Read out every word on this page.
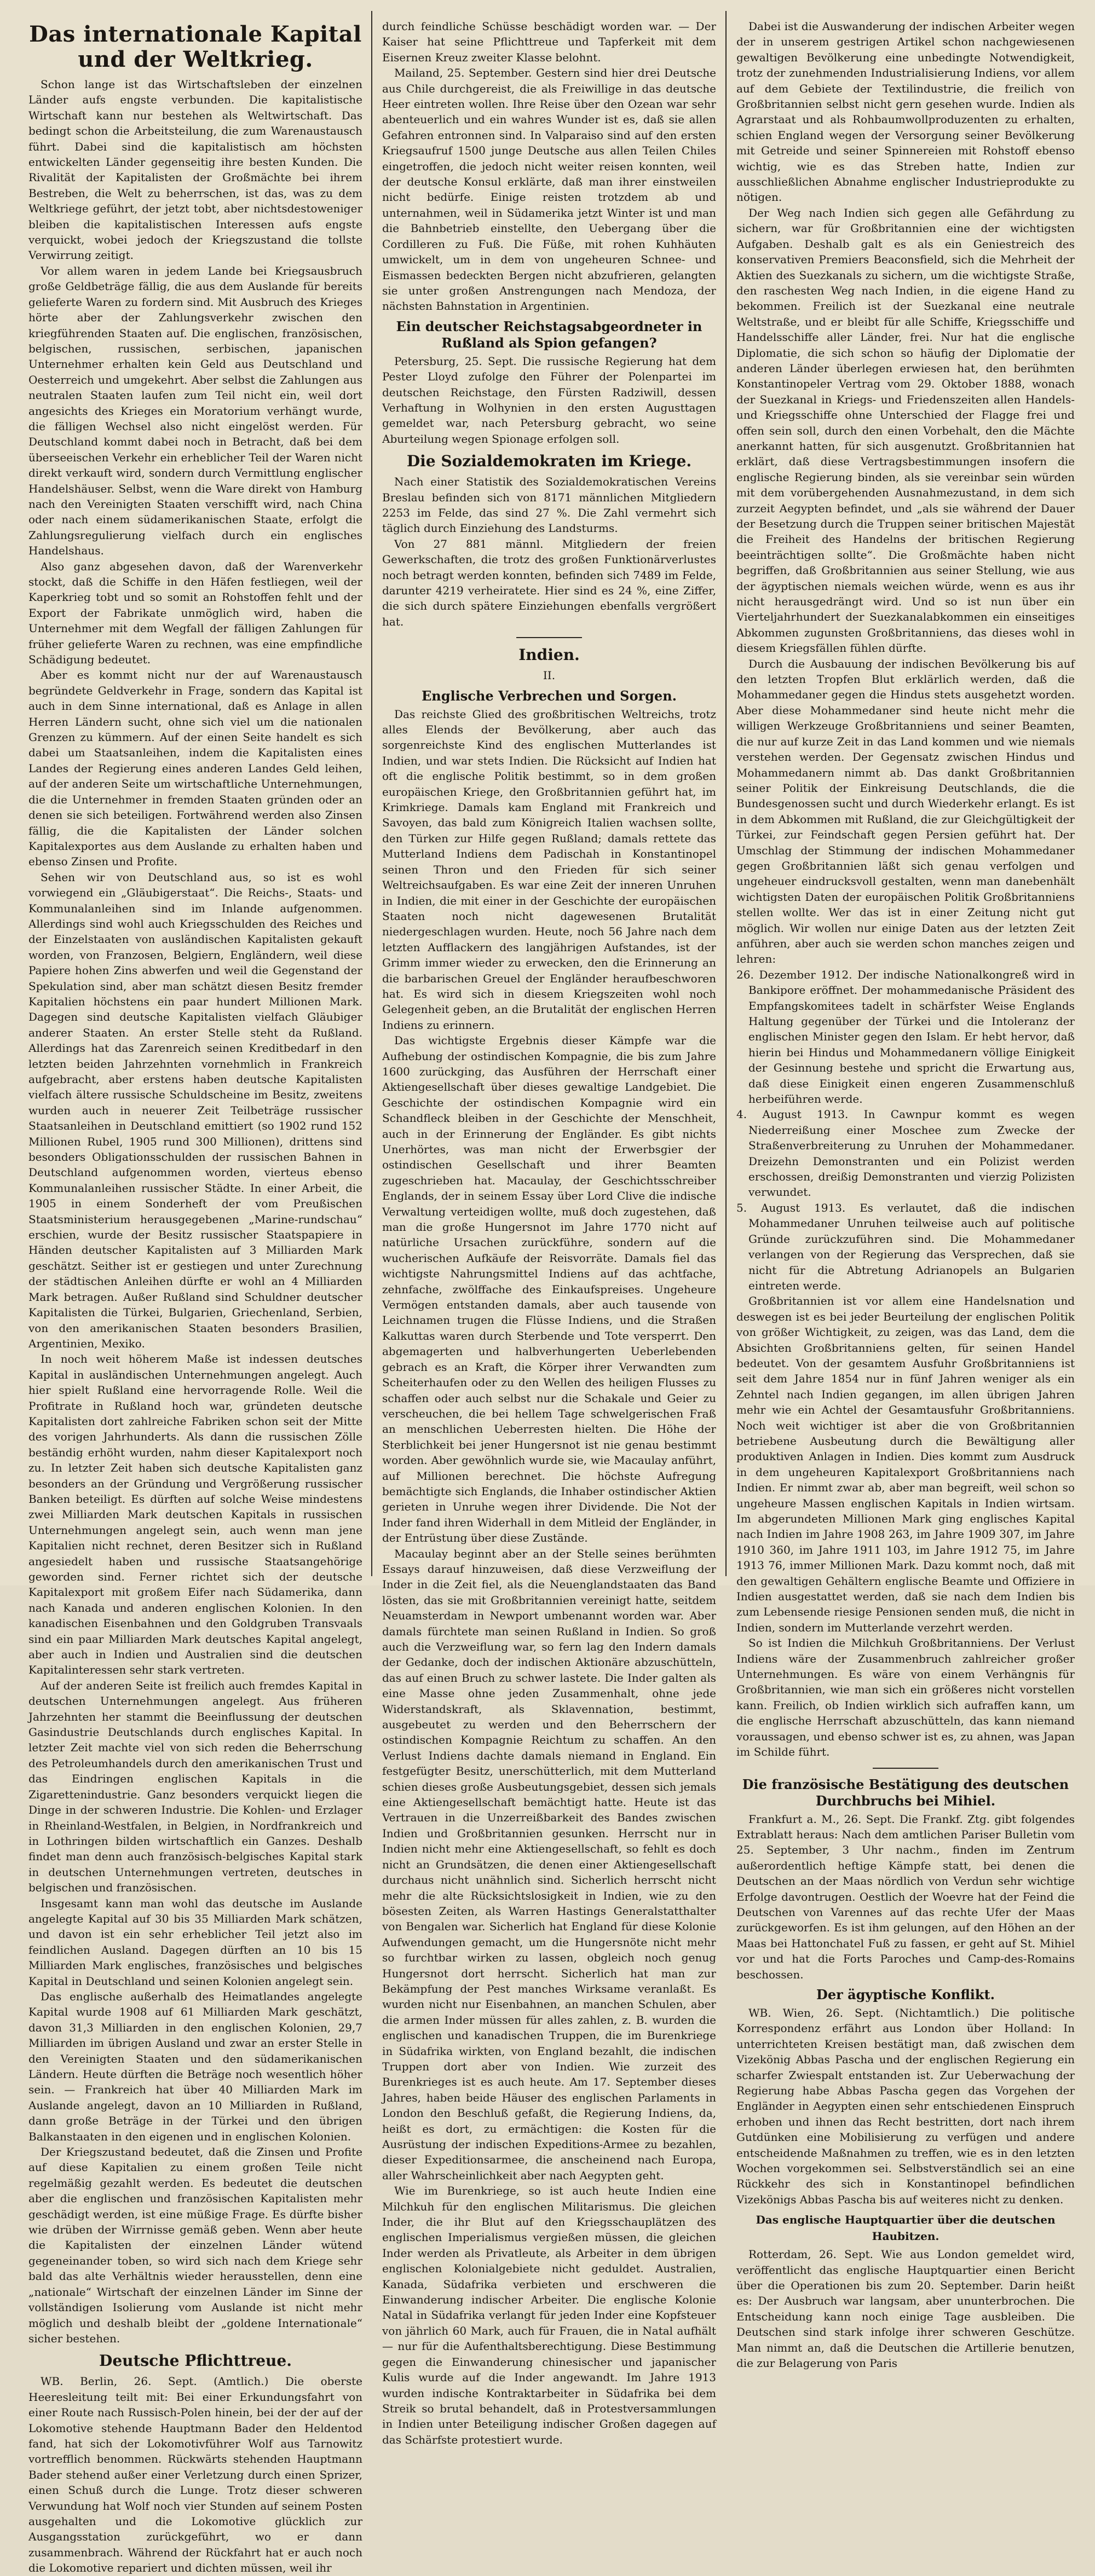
Das internationale Kapital und der Weltkrieg.

Schon lange ist das Wirtschaftsleben der einzelnen Länder aufs engste verbunden. Die kapitalistische Wirtschaft kann nur bestehen als Weltwirtschaft. Das bedingt schon die Arbeitsteilung, die zum Warenaustausch führt. Dabei sind die kapitalistisch am höchsten entwickelten Länder gegenseitig ihre besten Kunden. Die Rivalität der Kapitalisten der Großmächte bei ihrem Bestreben, die Welt zu beherrschen, ist das, was zu dem Weltkriege geführt, der jetzt tobt, aber nichtsdestoweniger bleiben die kapitalistischen Interessen aufs engste verquickt, wobei jedoch der Kriegszustand die tollste Verwirrung zeitigt.

Vor allem waren in jedem Lande bei Kriegsausbruch große Geldbeträge fällig, die aus dem Auslande für bereits gelieferte Waren zu fordern sind. Mit Ausbruch des Krieges hörte aber der Zahlungsverkehr zwischen den kriegführenden Staaten auf. Die englischen, französischen, belgischen, russischen, serbischen, japanischen Unternehmer erhalten kein Geld aus Deutschland und Oesterreich und umgekehrt. Aber selbst die Zahlungen aus neutralen Staaten laufen zum Teil nicht ein, weil dort angesichts des Krieges ein Moratorium verhängt wurde, die fälligen Wechsel also nicht eingelöst werden. Für Deutschland kommt dabei noch in Betracht, daß bei dem überseeischen Verkehr ein erheblicher Teil der Waren nicht direkt verkauft wird, sondern durch Vermittlung englischer Handelshäuser. Selbst, wenn die Ware direkt von Hamburg nach den Vereinigten Staaten verschifft wird, nach China oder nach einem südamerikanischen Staate, erfolgt die Zahlungsregulierung vielfach durch ein englisches Handelshaus.

Also ganz abgesehen davon, daß der Warenverkehr stockt, daß die Schiffe in den Häfen festliegen, weil der Kaperkrieg tobt und so somit an Rohstoffen fehlt und der Export der Fabrikate unmöglich wird, haben die Unternehmer mit dem Wegfall der fälligen Zahlungen für früher gelieferte Waren zu rechnen, was eine empfindliche Schädigung bedeutet.

Aber es kommt nicht nur der auf Warenaustausch begründete Geldverkehr in Frage, sondern das Kapital ist auch in dem Sinne international, daß es Anlage in allen Herren Ländern sucht, ohne sich viel um die nationalen Grenzen zu kümmern. Auf der einen Seite handelt es sich dabei um Staatsanleihen, indem die Kapitalisten eines Landes der Regierung eines anderen Landes Geld leihen, auf der anderen Seite um wirtschaftliche Unternehmungen, die die Unternehmer in fremden Staaten gründen oder an denen sie sich beteiligen. Fortwährend werden also Zinsen fällig, die die Kapitalisten der Länder solchen Kapitalexportes aus dem Auslande zu erhalten haben und ebenso Zinsen und Profite.

Sehen wir von Deutschland aus, so ist es wohl vorwiegend ein „Gläubigerstaat“. Die Reichs-, Staats- und Kommunalanleihen sind im Inlande aufgenommen. Allerdings sind wohl auch Kriegsschulden des Reiches und der Einzelstaaten von ausländischen Kapitalisten gekauft worden, von Franzosen, Belgiern, Engländern, weil diese Papiere hohen Zins abwerfen und weil die Gegenstand der Spekulation sind, aber man schätzt diesen Besitz fremder Kapitalien höchstens ein paar hundert Millionen Mark. Dagegen sind deutsche Kapitalisten vielfach Gläubiger anderer Staaten. An erster Stelle steht da Rußland. Allerdings hat das Zarenreich seinen Kreditbedarf in den letzten beiden Jahrzehnten vornehmlich in Frankreich aufgebracht, aber erstens haben deutsche Kapitalisten vielfach ältere russische Schuldscheine im Besitz, zweitens wurden auch in neuerer Zeit Teilbeträge russischer Staatsanleihen in Deutschland emittiert (so 1902 rund 152 Millionen Rubel, 1905 rund 300 Millionen), drittens sind besonders Obligationsschulden der russischen Bahnen in Deutschland aufgenommen worden, vierteus ebenso Kommunalanleihen russischer Städte. In einer Arbeit, die 1905 in einem Sonderheft der vom Preußischen Staatsministerium herausgegebenen „Marine-rundschau“ erschien, wurde der Besitz russischer Staatspapiere in Händen deutscher Kapitalisten auf 3 Milliarden Mark geschätzt. Seither ist er gestiegen und unter Zurechnung der städtischen Anleihen dürfte er wohl an 4 Milliarden Mark betragen. Außer Rußland sind Schuldner deutscher Kapitalisten die Türkei, Bulgarien, Griechenland, Serbien, von den amerikanischen Staaten besonders Brasilien, Argentinien, Mexiko.

In noch weit höherem Maße ist indessen deutsches Kapital in ausländischen Unternehmungen angelegt. Auch hier spielt Rußland eine hervorragende Rolle. Weil die Profitrate in Rußland hoch war, gründeten deutsche Kapitalisten dort zahlreiche Fabriken schon seit der Mitte des vorigen Jahrhunderts. Als dann die russischen Zölle beständig erhöht wurden, nahm dieser Kapitalexport noch zu. In letzter Zeit haben sich deutsche Kapitalisten ganz besonders an der Gründung und Vergrößerung russischer Banken beteiligt. Es dürften auf solche Weise mindestens zwei Milliarden Mark deutschen Kapitals in russischen Unternehmungen angelegt sein, auch wenn man jene Kapitalien nicht rechnet, deren Besitzer sich in Rußland angesiedelt haben und russische Staatsangehörige geworden sind. Ferner richtet sich der deutsche Kapitalexport mit großem Eifer nach Südamerika, dann nach Kanada und anderen englischen Kolonien. In den kanadischen Eisenbahnen und den Goldgruben Transvaals sind ein paar Milliarden Mark deutsches Kapital angelegt, aber auch in Indien und Australien sind die deutschen Kapitalinteressen sehr stark vertreten.

Auf der anderen Seite ist freilich auch fremdes Kapital in deutschen Unternehmungen angelegt. Aus früheren Jahrzehnten her stammt die Beeinflussung der deutschen Gasindustrie Deutschlands durch englisches Kapital. In letzter Zeit machte viel von sich reden die Beherrschung des Petroleumhandels durch den amerikanischen Trust und das Eindringen englischen Kapitals in die Zigarettenindustrie. Ganz besonders verquickt liegen die Dinge in der schweren Industrie. Die Kohlen- und Erzlager in Rheinland-Westfalen, in Belgien, in Nordfrankreich und in Lothringen bilden wirtschaftlich ein Ganzes. Deshalb findet man denn auch französisch-belgisches Kapital stark in deutschen Unternehmungen vertreten, deutsches in belgischen und französischen.

Insgesamt kann man wohl das deutsche im Auslande angelegte Kapital auf 30 bis 35 Milliarden Mark schätzen, und davon ist ein sehr erheblicher Teil jetzt also im feindlichen Ausland. Dagegen dürften an 10 bis 15 Milliarden Mark englisches, französisches und belgisches Kapital in Deutschland und seinen Kolonien angelegt sein.

Das englische außerhalb des Heimatlandes angelegte Kapital wurde 1908 auf 61 Milliarden Mark geschätzt, davon 31,3 Milliarden in den englischen Kolonien, 29,7 Milliarden im übrigen Ausland und zwar an erster Stelle in den Vereinigten Staaten und den südamerikanischen Ländern. Heute dürften die Beträge noch wesentlich höher sein. — Frankreich hat über 40 Milliarden Mark im Auslande angelegt, davon an 10 Milliarden in Rußland, dann große Beträge in der Türkei und den übrigen Balkanstaaten in den eigenen und in englischen Kolonien.

Der Kriegszustand bedeutet, daß die Zinsen und Profite auf diese Kapitalien zu einem großen Teile nicht regelmäßig gezahlt werden. Es bedeutet die deutschen aber die englischen und französischen Kapitalisten mehr geschädigt werden, ist eine müßige Frage. Es dürfte bisher wie drüben der Wirrnisse gemäß geben. Wenn aber heute die Kapitalisten der einzelnen Länder wütend gegeneinander toben, so wird sich nach dem Kriege sehr bald das alte Verhältnis wieder herausstellen, denn eine „nationale“ Wirtschaft der einzelnen Länder im Sinne der vollständigen Isolierung vom Auslande ist nicht mehr möglich und deshalb bleibt der „goldene Internationale“ sicher bestehen.

Deutsche Pflichttreue.

WB. Berlin, 26. Sept. (Amtlich.) Die oberste Heeresleitung teilt mit: Bei einer Erkundungsfahrt von einer Route nach Russisch-Polen hinein, bei der der auf der Lokomotive stehende Hauptmann Bader den Heldentod fand, hat sich der Lokomotivführer Wolf aus Tarnowitz vortrefflich benommen. Rückwärts stehenden Hauptmann Bader stehend außer einer Verletzung durch einen Sprizer, einen Schuß durch die Lunge. Trotz dieser schweren Verwundung hat Wolf noch vier Stunden auf seinem Posten ausgehalten und die Lokomotive glücklich zur Ausgangsstation zurückgeführt, wo er dann zusammenbrach. Während der Rückfahrt hat er auch noch die Lokomotive repariert und dichten müssen, weil ihr

durch feindliche Schüsse beschädigt worden war. — Der Kaiser hat seine Pflichttreue und Tapferkeit mit dem Eisernen Kreuz zweiter Klasse belohnt.

Mailand, 25. September. Gestern sind hier drei Deutsche aus Chile durchgereist, die als Freiwillige in das deutsche Heer eintreten wollen. Ihre Reise über den Ozean war sehr abenteuerlich und ein wahres Wunder ist es, daß sie allen Gefahren entronnen sind. In Valparaiso sind auf den ersten Kriegsaufruf 1500 junge Deutsche aus allen Teilen Chiles eingetroffen, die jedoch nicht weiter reisen konnten, weil der deutsche Konsul erklärte, daß man ihrer einstweilen nicht bedürfe. Einige reisten trotzdem ab und unternahmen, weil in Südamerika jetzt Winter ist und man die Bahnbetrieb einstellte, den Uebergang über die Cordilleren zu Fuß. Die Füße, mit rohen Kuhhäuten umwickelt, um in dem von ungeheuren Schnee- und Eismassen bedeckten Bergen nicht abzufrieren, gelangten sie unter großen Anstrengungen nach Mendoza, der nächsten Bahnstation in Argentinien.

Ein deutscher Reichstagsabgeordneter in Rußland als Spion gefangen?

Petersburg, 25. Sept. Die russische Regierung hat dem Pester Lloyd zufolge den Führer der Polenpartei im deutschen Reichstage, den Fürsten Radziwill, dessen Verhaftung in Wolhynien in den ersten Augusttagen gemeldet war, nach Petersburg gebracht, wo seine Aburteilung wegen Spionage erfolgen soll.

Die Sozialdemokraten im Kriege.

Nach einer Statistik des Sozialdemokratischen Vereins Breslau befinden sich von 8171 männlichen Mitgliedern 2253 im Felde, das sind 27 %. Die Zahl vermehrt sich täglich durch Einziehung des Landsturms.

Von 27 881 männl. Mitgliedern der freien Gewerkschaften, die trotz des großen Funktionärverlustes noch betragt werden konnten, befinden sich 7489 im Felde, darunter 4219 verheiratete. Hier sind es 24 %, eine Ziffer, die sich durch spätere Einziehungen ebenfalls vergrößert hat.

Indien.
II.
Englische Verbrechen und Sorgen.

Das reichste Glied des großbritischen Weltreichs, trotz alles Elends der Bevölkerung, aber auch das sorgenreichste Kind des englischen Mutterlandes ist Indien, und war stets Indien. Die Rücksicht auf Indien hat oft die englische Politik bestimmt, so in dem großen europäischen Kriege, den Großbritannien geführt hat, im Krimkriege. Damals kam England mit Frankreich und Savoyen, das bald zum Königreich Italien wachsen sollte, den Türken zur Hilfe gegen Rußland; damals rettete das Mutterland Indiens dem Padischah in Konstantinopel seinen Thron und den Frieden für sich seiner Weltreichsaufgaben. Es war eine Zeit der inneren Unruhen in Indien, die mit einer in der Geschichte der europäischen Staaten noch nicht dagewesenen Brutalität niedergeschlagen wurden. Heute, noch 56 Jahre nach dem letzten Aufflackern des langjährigen Aufstandes, ist der Grimm immer wieder zu erwecken, den die Erinnerung an die barbarischen Greuel der Engländer heraufbeschworen hat. Es wird sich in diesem Kriegszeiten wohl noch Gelegenheit geben, an die Brutalität der englischen Herren Indiens zu erinnern.

Das wichtigste Ergebnis dieser Kämpfe war die Aufhebung der ostindischen Kompagnie, die bis zum Jahre 1600 zurückging, das Ausführen der Herrschaft einer Aktiengesellschaft über dieses gewaltige Landgebiet. Die Geschichte der ostindischen Kompagnie wird ein Schandfleck bleiben in der Geschichte der Menschheit, auch in der Erinnerung der Engländer. Es gibt nichts Unerhörtes, was man nicht der Erwerbsgier der ostindischen Gesellschaft und ihrer Beamten zugeschrieben hat. Macaulay, der Geschichtsschreiber Englands, der in seinem Essay über Lord Clive die indische Verwaltung verteidigen wollte, muß doch zugestehen, daß man die große Hungersnot im Jahre 1770 nicht auf natürliche Ursachen zurückführe, sondern auf die wucherischen Aufkäufe der Reisvorräte. Damals fiel das wichtigste Nahrungsmittel Indiens auf das achtfache, zehnfache, zwölffache des Einkaufspreises. Ungeheure Vermögen entstanden damals, aber auch tausende von Leichnamen trugen die Flüsse Indiens, und die Straßen Kalkuttas waren durch Sterbende und Tote versperrt. Den abgemagerten und halbverhungerten Ueberlebenden gebrach es an Kraft, die Körper ihrer Verwandten zum Scheiterhaufen oder zu den Wellen des heiligen Flusses zu schaffen oder auch selbst nur die Schakale und Geier zu verscheuchen, die bei hellem Tage schwelgerischen Fraß an menschlichen Ueberresten hielten. Die Höhe der Sterblichkeit bei jener Hungersnot ist nie genau bestimmt worden. Aber gewöhnlich wurde sie, wie Macaulay anführt, auf Millionen berechnet. Die höchste Aufregung bemächtigte sich Englands, die Inhaber ostindischer Aktien gerieten in Unruhe wegen ihrer Dividende. Die Not der Inder fand ihren Widerhall in dem Mitleid der Engländer, in der Entrüstung über diese Zustände.

Macaulay beginnt aber an der Stelle seines berühmten Essays darauf hinzuweisen, daß diese Verzweiflung der Inder in die Zeit fiel, als die Neuenglandstaaten das Band lösten, das sie mit Großbritannien vereinigt hatte, seitdem Neuamsterdam in Newport umbenannt worden war. Aber damals fürchtete man seinen Rußland in Indien. So groß auch die Verzweiflung war, so fern lag den Indern damals der Gedanke, doch der indischen Aktionäre abzuschütteln, das auf einen Bruch zu schwer lastete. Die Inder galten als eine Masse ohne jeden Zusammenhalt, ohne jede Widerstandskraft, als Sklavennation, bestimmt, ausgebeutet zu werden und den Beherrschern der ostindischen Kompagnie Reichtum zu schaffen. An den Verlust Indiens dachte damals niemand in England. Ein festgefügter Besitz, unerschütterlich, mit dem Mutterland schien dieses große Ausbeutungsgebiet, dessen sich jemals eine Aktiengesellschaft bemächtigt hatte. Heute ist das Vertrauen in die Unzerreißbarkeit des Bandes zwischen Indien und Großbritannien gesunken. Herrscht nur in Indien nicht mehr eine Aktiengesellschaft, so fehlt es doch nicht an Grundsätzen, die denen einer Aktiengesellschaft durchaus nicht unähnlich sind. Sicherlich herrscht nicht mehr die alte Rücksichtslosigkeit in Indien, wie zu den bösesten Zeiten, als Warren Hastings Generalstatthalter von Bengalen war. Sicherlich hat England für diese Kolonie Aufwendungen gemacht, um die Hungersnöte nicht mehr so furchtbar wirken zu lassen, obgleich noch genug Hungersnot dort herrscht. Sicherlich hat man zur Bekämpfung der Pest manches Wirksame veranlaßt. Es wurden nicht nur Eisenbahnen, an manchen Schulen, aber die armen Inder müssen für alles zahlen, z. B. wurden die englischen und kanadischen Truppen, die im Burenkriege in Südafrika wirkten, von England bezahlt, die indischen Truppen dort aber von Indien. Wie zurzeit des Burenkrieges ist es auch heute. Am 17. September dieses Jahres, haben beide Häuser des englischen Parlaments in London den Beschluß gefaßt, die Regierung Indiens, da, heißt es dort, zu ermächtigen: die Kosten für die Ausrüstung der indischen Expeditions-Armee zu bezahlen, dieser Expeditionsarmee, die anscheinend nach Europa, aller Wahrscheinlichkeit aber nach Aegypten geht.

Wie im Burenkriege, so ist auch heute Indien eine Milchkuh für den englischen Militarismus. Die gleichen Inder, die ihr Blut auf den Kriegsschauplätzen des englischen Imperialismus vergießen müssen, die gleichen Inder werden als Privatleute, als Arbeiter in dem übrigen englischen Kolonialgebiete nicht geduldet. Australien, Kanada, Südafrika verbieten und erschweren die Einwanderung indischer Arbeiter. Die englische Kolonie Natal in Südafrika verlangt für jeden Inder eine Kopfsteuer von jährlich 60 Mark, auch für Frauen, die in Natal aufhält — nur für die Aufenthaltsberechtigung. Diese Bestimmung gegen die Einwanderung chinesischer und japanischer Kulis wurde auf die Inder angewandt. Im Jahre 1913 wurden indische Kontraktarbeiter in Südafrika bei dem Streik so brutal behandelt, daß in Protestversammlungen in Indien unter Beteiligung indischer Großen dagegen auf das Schärfste protestiert wurde.

Dabei ist die Auswanderung der indischen Arbeiter wegen der in unserem gestrigen Artikel schon nachgewiesenen gewaltigen Bevölkerung eine unbedingte Notwendigkeit, trotz der zunehmenden Industrialisierung Indiens, vor allem auf dem Gebiete der Textilindustrie, die freilich von Großbritannien selbst nicht gern gesehen wurde. Indien als Agrarstaat und als Rohbaumwollproduzenten zu erhalten, schien England wegen der Versorgung seiner Bevölkerung mit Getreide und seiner Spinnereien mit Rohstoff ebenso wichtig, wie es das Streben hatte, Indien zur ausschließlichen Abnahme englischer Industrieprodukte zu nötigen.

Der Weg nach Indien sich gegen alle Gefährdung zu sichern, war für Großbritannien eine der wichtigsten Aufgaben. Deshalb galt es als ein Geniestreich des konservativen Premiers Beaconsfield, sich die Mehrheit der Aktien des Suezkanals zu sichern, um die wichtigste Straße, den raschesten Weg nach Indien, in die eigene Hand zu bekommen. Freilich ist der Suezkanal eine neutrale Weltstraße, und er bleibt für alle Schiffe, Kriegsschiffe und Handelsschiffe aller Länder, frei. Nur hat die englische Diplomatie, die sich schon so häufig der Diplomatie der anderen Länder überlegen erwiesen hat, den berühmten Konstantinopeler Vertrag vom 29. Oktober 1888, wonach der Suezkanal in Kriegs- und Friedenszeiten allen Handels- und Kriegsschiffe ohne Unterschied der Flagge frei und offen sein soll, durch den einen Vorbehalt, den die Mächte anerkannt hatten, für sich ausgenutzt. Großbritannien hat erklärt, daß diese Vertragsbestimmungen insofern die englische Regierung binden, als sie vereinbar sein würden mit dem vorübergehenden Ausnahmezustand, in dem sich zurzeit Aegypten befindet, und „als sie während der Dauer der Besetzung durch die Truppen seiner britischen Majestät die Freiheit des Handelns der britischen Regierung beeinträchtigen sollte“. Die Großmächte haben nicht begriffen, daß Großbritannien aus seiner Stellung, wie aus der ägyptischen niemals weichen würde, wenn es aus ihr nicht herausgedrängt wird. Und so ist nun über ein Vierteljahrhundert der Suezkanalabkommen ein einseitiges Abkommen zugunsten Großbritanniens, das dieses wohl in diesem Kriegsfällen fühlen dürfte.

Durch die Ausbauung der indischen Bevölkerung bis auf den letzten Tropfen Blut erklärlich werden, daß die Mohammedaner gegen die Hindus stets ausgehetzt worden. Aber diese Mohammedaner sind heute nicht mehr die willigen Werkzeuge Großbritanniens und seiner Beamten, die nur auf kurze Zeit in das Land kommen und wie niemals verstehen werden. Der Gegensatz zwischen Hindus und Mohammedanern nimmt ab. Das dankt Großbritannien seiner Politik der Einkreisung Deutschlands, die die Bundesgenossen sucht und durch Wiederkehr erlangt. Es ist in dem Abkommen mit Rußland, die zur Gleichgültigkeit der Türkei, zur Feindschaft gegen Persien geführt hat. Der Umschlag der Stimmung der indischen Mohammedaner gegen Großbritannien läßt sich genau verfolgen und ungeheuer eindrucksvoll gestalten, wenn man danebenhält wichtigsten Daten der europäischen Politik Großbritanniens stellen wollte. Wer das ist in einer Zeitung nicht gut möglich. Wir wollen nur einige Daten aus der letzten Zeit anführen, aber auch sie werden schon manches zeigen und lehren:

26. Dezember 1912. Der indische Nationalkongreß wird in Bankipore eröffnet. Der mohammedanische Präsident des Empfangskomitees tadelt in schärfster Weise Englands Haltung gegenüber der Türkei und die Intoleranz der englischen Minister gegen den Islam. Er hebt hervor, daß hierin bei Hindus und Mohammedanern völlige Einigkeit der Gesinnung bestehe und spricht die Erwartung aus, daß diese Einigkeit einen engeren Zusammenschluß herbeiführen werde.

4. August 1913. In Cawnpur kommt es wegen Niederreißung einer Moschee zum Zwecke der Straßenverbreiterung zu Unruhen der Mohammedaner. Dreizehn Demonstranten und ein Polizist werden erschossen, dreißig Demonstranten und vierzig Polizisten verwundet.

5. August 1913. Es verlautet, daß die indischen Mohammedaner Unruhen teilweise auch auf politische Gründe zurückzuführen sind. Die Mohammedaner verlangen von der Regierung das Versprechen, daß sie nicht für die Abtretung Adrianopels an Bulgarien eintreten werde.

Großbritannien ist vor allem eine Handelsnation und deswegen ist es bei jeder Beurteilung der englischen Politik von größer Wichtigkeit, zu zeigen, was das Land, dem die Absichten Großbritanniens gelten, für seinen Handel bedeutet. Von der gesamtem Ausfuhr Großbritanniens ist seit dem Jahre 1854 nur in fünf Jahren weniger als ein Zehntel nach Indien gegangen, im allen übrigen Jahren mehr wie ein Achtel der Gesamtausfuhr Großbritanniens. Noch weit wichtiger ist aber die von Großbritannien betriebene Ausbeutung durch die Bewältigung aller produktiven Anlagen in Indien. Dies kommt zum Ausdruck in dem ungeheuren Kapitalexport Großbritanniens nach Indien. Er nimmt zwar ab, aber man begreift, weil schon so ungeheure Massen englischen Kapitals in Indien wirtsam. Im abgerundeten Millionen Mark ging englisches Kapital nach Indien im Jahre 1908 263, im Jahre 1909 307, im Jahre 1910 360, im Jahre 1911 103, im Jahre 1912 75, im Jahre 1913 76, immer Millionen Mark. Dazu kommt noch, daß mit den gewaltigen Gehältern englische Beamte und Offiziere in Indien ausgestattet werden, daß sie nach dem Indien bis zum Lebensende riesige Pensionen senden muß, die nicht in Indien, sondern im Mutterlande verzehrt werden.

So ist Indien die Milchkuh Großbritanniens. Der Verlust Indiens wäre der Zusammenbruch zahlreicher großer Unternehmungen. Es wäre von einem Verhängnis für Großbritannien, wie man sich ein größeres nicht vorstellen kann. Freilich, ob Indien wirklich sich aufraffen kann, um die englische Herrschaft abzuschütteln, das kann niemand voraussagen, und ebenso schwer ist es, zu ahnen, was Japan im Schilde führt.

Die französische Bestätigung des deutschen Durchbruchs bei Mihiel.

Frankfurt a. M., 26. Sept. Die Frankf. Ztg. gibt folgendes Extrablatt heraus: Nach dem amtlichen Pariser Bulletin vom 25. September, 3 Uhr nachm., finden im Zentrum außerordentlich heftige Kämpfe statt, bei denen die Deutschen an der Maas nördlich von Verdun sehr wichtige Erfolge davontrugen. Oestlich der Woevre hat der Feind die Deutschen von Varennes auf das rechte Ufer der Maas zurückgeworfen. Es ist ihm gelungen, auf den Höhen an der Maas bei Hattonchatel Fuß zu fassen, er geht auf St. Mihiel vor und hat die Forts Paroches und Camp-des-Romains beschossen.

Der ägyptische Konflikt.

WB. Wien, 26. Sept. (Nichtamtlich.) Die politische Korrespondenz erfährt aus London über Holland: In unterrichteten Kreisen bestätigt man, daß zwischen dem Vizekönig Abbas Pascha und der englischen Regierung ein scharfer Zwiespalt entstanden ist. Zur Ueberwachung der Regierung habe Abbas Pascha gegen das Vorgehen der Engländer in Aegypten einen sehr entschiedenen Einspruch erhoben und ihnen das Recht bestritten, dort nach ihrem Gutdünken eine Mobilisierung zu verfügen und andere entscheidende Maßnahmen zu treffen, wie es in den letzten Wochen vorgekommen sei. Selbstverständlich sei an eine Rückkehr des sich in Konstantinopel befindlichen Vizekönigs Abbas Pascha bis auf weiteres nicht zu denken.

Das englische Hauptquartier über die deutschen Haubitzen.

Rotterdam, 26. Sept. Wie aus London gemeldet wird, veröffentlicht das englische Hauptquartier einen Bericht über die Operationen bis zum 20. September. Darin heißt es: Der Ausbruch war langsam, aber ununterbrochen. Die Entscheidung kann noch einige Tage ausbleiben. Die Deutschen sind stark infolge ihrer schweren Geschütze. Man nimmt an, daß die Deutschen die Artillerie benutzen, die zur Belagerung von Paris
